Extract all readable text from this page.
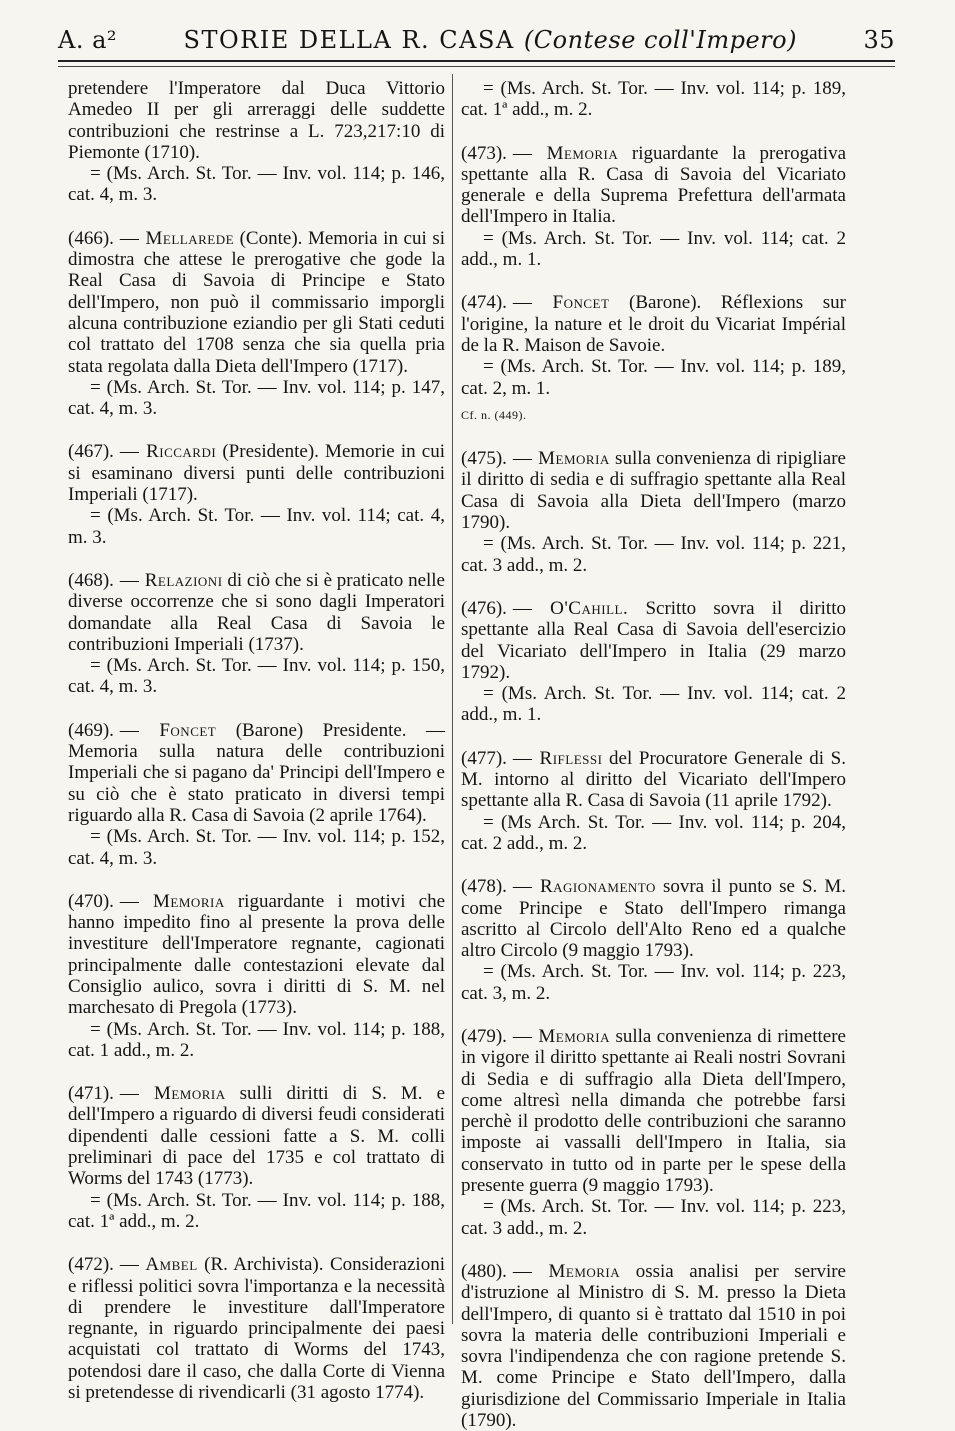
A. a²	STORIE DELLA R. CASA (Contese coll'Impero)	35
pretendere l'Imperatore dal Duca Vittorio Amedeo II per gli arreraggi delle suddette contribuzioni che restrinse a L. 723,217:10 di Piemonte (1710).
= (Ms. Arch. St. Tor. — Inv. vol. 114; p. 146, cat. 4, m. 3.
(466). — Mellarede (Conte). Memoria in cui si dimostra che attese le prerogative che gode la Real Casa di Savoia di Principe e Stato dell'Impero, non può il commissario imporgli alcuna contribuzione eziandio per gli Stati ceduti col trattato del 1708 senza che sia quella pria stata regolata dalla Dieta dell'Impero (1717).
= (Ms. Arch. St. Tor. — Inv. vol. 114; p. 147, cat. 4, m. 3.
(467). — Riccardi (Presidente). Memorie in cui si esaminano diversi punti delle contribuzioni Imperiali (1717).
= (Ms. Arch. St. Tor. — Inv. vol. 114; cat. 4, m. 3.
(468). — Relazioni di ciò che si è praticato nelle diverse occorrenze che si sono dagli Imperatori domandate alla Real Casa di Savoia le contribuzioni Imperiali (1737).
= (Ms. Arch. St. Tor. — Inv. vol. 114; p. 150, cat. 4, m. 3.
(469). — Foncet (Barone) Presidente. — Memoria sulla natura delle contribuzioni Imperiali che si pagano da' Principi dell'Impero e su ciò che è stato praticato in diversi tempi riguardo alla R. Casa di Savoia (2 aprile 1764).
= (Ms. Arch. St. Tor. — Inv. vol. 114; p. 152, cat. 4, m. 3.
(470). — Memoria riguardante i motivi che hanno impedito fino al presente la prova delle investiture dell'Imperatore regnante, cagionati principalmente dalle contestazioni elevate dal Consiglio aulico, sovra i diritti di S. M. nel marchesato di Pregola (1773).
= (Ms. Arch. St. Tor. — Inv. vol. 114; p. 188, cat. 1 add., m. 2.
(471). — Memoria sulli diritti di S. M. e dell'Impero a riguardo di diversi feudi considerati dipendenti dalle cessioni fatte a S. M. colli preliminari di pace del 1735 e col trattato di Worms del 1743 (1773).
= (Ms. Arch. St. Tor. — Inv. vol. 114; p. 188, cat. 1ª add., m. 2.
(472). — Ambel (R. Archivista). Considerazioni e riflessi politici sovra l'importanza e la necessità di prendere le investiture dall'Imperatore regnante, in riguardo principalmente dei paesi acquistati col trattato di Worms del 1743, potendosi dare il caso, che dalla Corte di Vienna si pretendesse di rivendicarli (31 agosto 1774).
= (Ms. Arch. St. Tor. — Inv. vol. 114; p. 189, cat. 1ª add., m. 2.
(473). — Memoria riguardante la prerogativa spettante alla R. Casa di Savoia del Vicariato generale e della Suprema Prefettura dell'armata dell'Impero in Italia.
= (Ms. Arch. St. Tor. — Inv. vol. 114; cat. 2 add., m. 1.
(474). — Foncet (Barone). Réflexions sur l'origine, la nature et le droit du Vicariat Impérial de la R. Maison de Savoie.
= (Ms. Arch. St. Tor. — Inv. vol. 114; p. 189, cat. 2, m. 1.
Cf. n. (449).
(475). — Memoria sulla convenienza di ripigliare il diritto di sedia e di suffragio spettante alla Real Casa di Savoia alla Dieta dell'Impero (marzo 1790).
= (Ms. Arch. St. Tor. — Inv. vol. 114; p. 221, cat. 3 add., m. 2.
(476). — O'Cahill. Scritto sovra il diritto spettante alla Real Casa di Savoia dell'esercizio del Vicariato dell'Impero in Italia (29 marzo 1792).
= (Ms. Arch. St. Tor. — Inv. vol. 114; cat. 2 add., m. 1.
(477). — Riflessi del Procuratore Generale di S. M. intorno al diritto del Vicariato dell'Impero spettante alla R. Casa di Savoia (11 aprile 1792).
= (Ms Arch. St. Tor. — Inv. vol. 114; p. 204, cat. 2 add., m. 2.
(478). — Ragionamento sovra il punto se S. M. come Principe e Stato dell'Impero rimanga ascritto al Circolo dell'Alto Reno ed a qualche altro Circolo (9 maggio 1793).
= (Ms. Arch. St. Tor. — Inv. vol. 114; p. 223, cat. 3, m. 2.
(479). — Memoria sulla convenienza di rimettere in vigore il diritto spettante ai Reali nostri Sovrani di Sedia e di suffragio alla Dieta dell'Impero, come altresì nella dimanda che potrebbe farsi perchè il prodotto delle contribuzioni che saranno imposte ai vassalli dell'Impero in Italia, sia conservato in tutto od in parte per le spese della presente guerra (9 maggio 1793).
= (Ms. Arch. St. Tor. — Inv. vol. 114; p. 223, cat. 3 add., m. 2.
(480). — Memoria ossia analisi per servire d'istruzione al Ministro di S. M. presso la Dieta dell'Impero, di quanto si è trattato dal 1510 in poi sovra la materia delle contribuzioni Imperiali e sovra l'indipendenza che con ragione pretende S. M. come Principe e Stato dell'Impero, dalla giurisdizione del Commissario Imperiale in Italia (1790).
